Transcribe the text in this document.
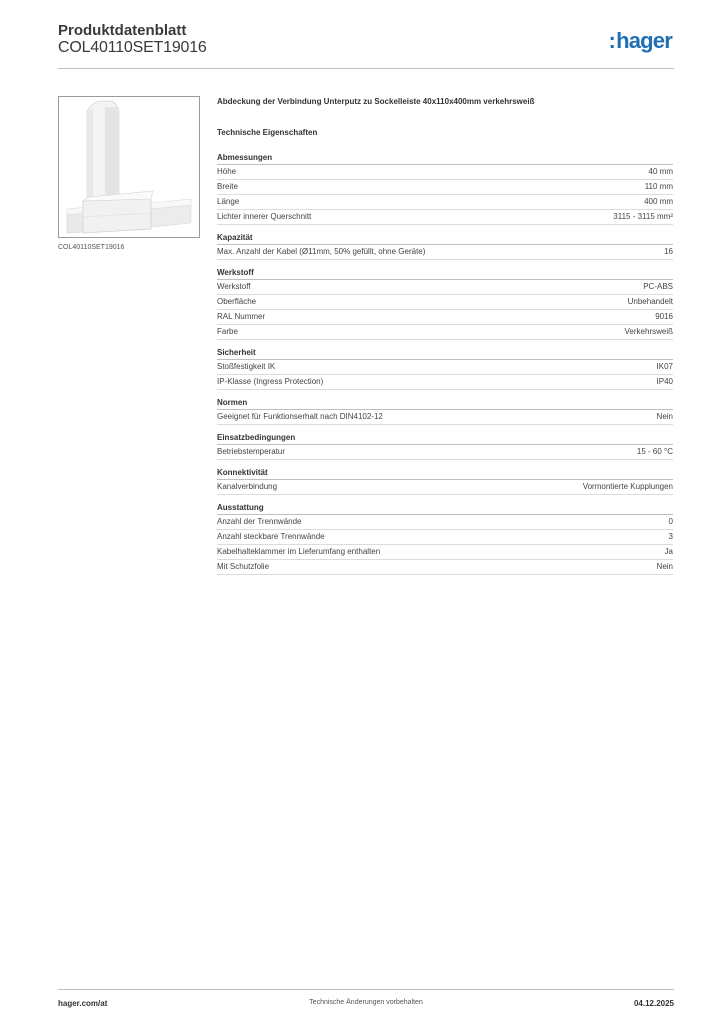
Produktdatenblatt
COL40110SET19016	:hager
COL40110SET19016
Abdeckung der Verbindung Unterputz zu Sockelleiste 40x110x400mm verkehrsweiß
Technische Eigenschaften
Abmessungen
Höhe	40 mm
Breite	110 mm
Länge	400 mm
Lichter innerer Querschnitt	3115 - 3115 mm²
Kapazität
Max. Anzahl der Kabel (Ø11mm, 50% gefüllt, ohne Geräte)	16
Werkstoff
Werkstoff	PC-ABS
Oberfläche	Unbehandelt
RAL Nummer	9016
Farbe	Verkehrsweiß
Sicherheit
Stoßfestigkeit IK	IK07
IP-Klasse (Ingress Protection)	IP40
Normen
Geeignet für Funktionserhalt nach DIN4102-12	Nein
Einsatzbedingungen
Betriebstemperatur	15 - 60 °C
Konnektivität
Kanalverbindung	Vormontierte Kupplungen
Ausstattung
Anzahl der Trennwände	0
Anzahl steckbare Trennwände	3
Kabelhalteklammer im Lieferumfang enthalten	Ja
Mit Schutzfolie	Nein
hager.com/at	Technische Änderungen vorbehalten	04.12.2025
